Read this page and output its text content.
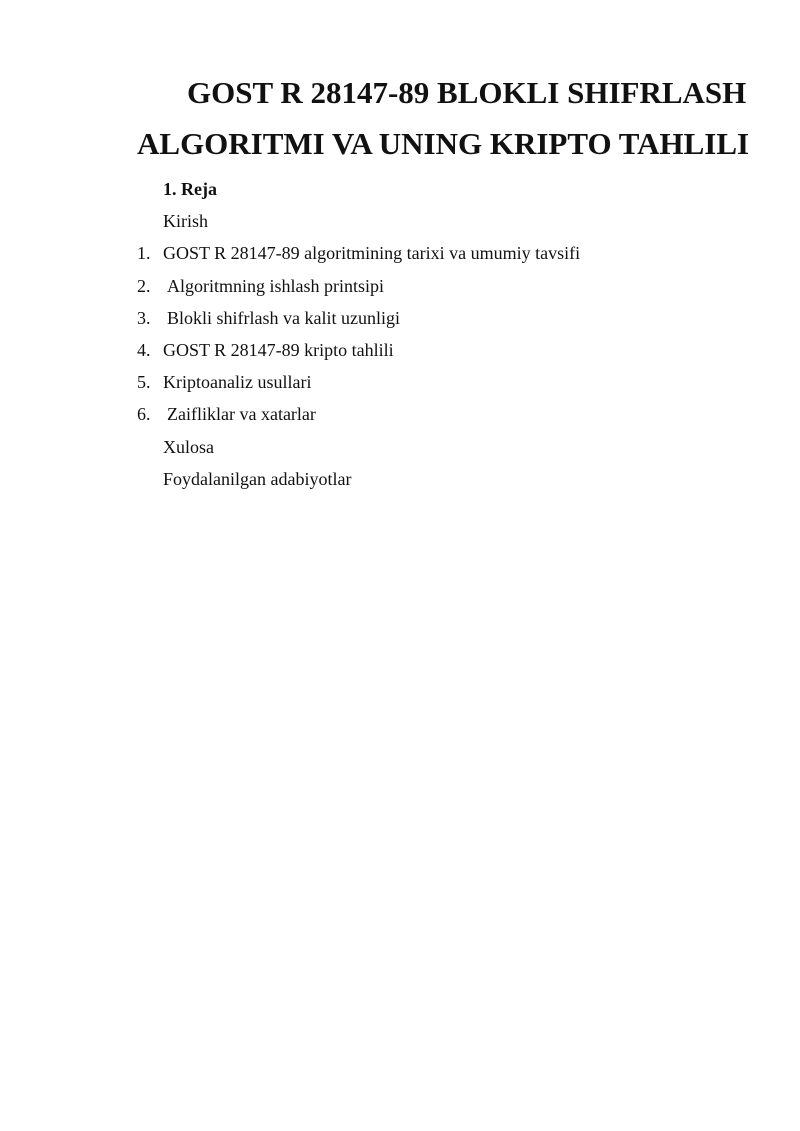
GOST R 28147-89 BLOKLI SHIFRLASH
ALGORITMI VA UNING KRIPTO TAHLILI
1. Reja
Kirish
1. GOST R 28147-89 algoritmining tarixi va umumiy tavsifi
2. Algoritmning ishlash printsipi
3. Blokli shifrlash va kalit uzunligi
4. GOST R 28147-89 kripto tahlili
5. Kriptoanaliz usullari
6. Zaifliklar va xatarlar
Xulosa
Foydalanilgan adabiyotlar
